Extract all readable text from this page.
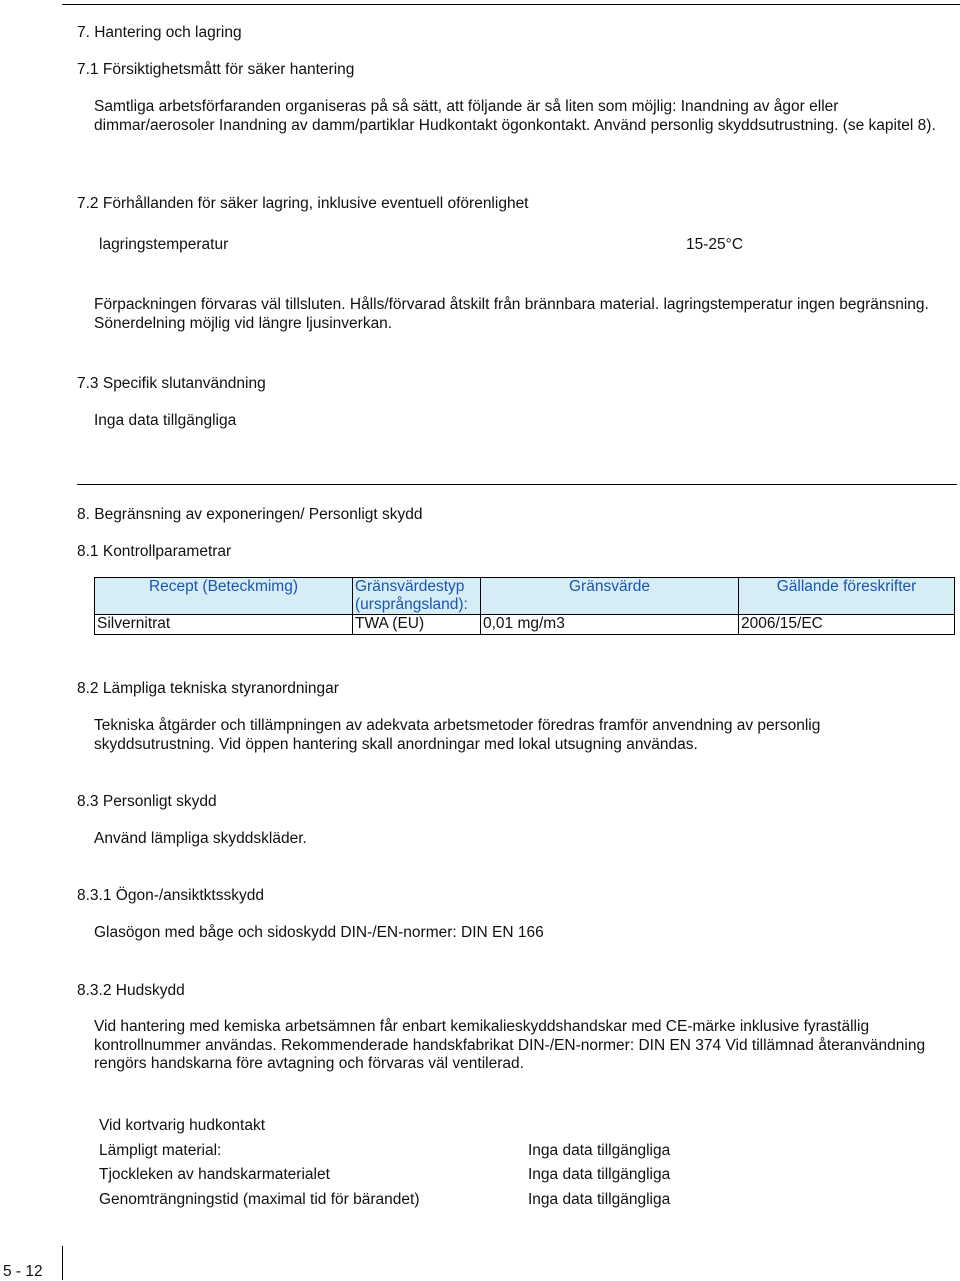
7. Hantering och lagring
7.1 Försiktighetsmått för säker hantering
Samtliga arbetsförfaranden organiseras på så sätt, att följande är så liten som möjlig: Inandning av ågor eller dimmar/aerosoler Inandning av damm/partiklar Hudkontakt ögonkontakt. Använd personlig skyddsutrustning. (se kapitel 8).
7.2 Förhållanden för säker lagring, inklusive eventuell oförenlighet
lagringstemperatur	15-25°C
Förpackningen förvaras väl tillsluten. Hålls/förvarad åtskilt från brännbara material. lagringstemperatur ingen begränsning. Sönerdelning möjlig vid längre ljusinverkan.
7.3 Specifik slutanvändning
Inga data tillgängliga
8. Begränsning av exponeringen/ Personligt skydd
8.1 Kontrollparametrar
Recept (Beteckmimg)	Gränsvärdestyp (ursprångsland):	Gränsvärde	Gällande föreskrifter
Silvernitrat	TWA (EU)	0,01 mg/m3	2006/15/EC
8.2 Lämpliga tekniska styranordningar
Tekniska åtgärder och tillämpningen av adekvata arbetsmetoder föredras framför anvendning av personlig skyddsutrustning. Vid öppen hantering skall anordningar med lokal utsugning användas.
8.3 Personligt skydd
Använd lämpliga skyddskläder.
8.3.1 Ögon-/ansiktktsskydd
Glasögon med båge och sidoskydd DIN-/EN-normer: DIN EN 166
8.3.2 Hudskydd
Vid hantering med kemiska arbetsämnen får enbart kemikalieskyddshandskar med CE-märke inklusive fyraställig kontrollnummer användas. Rekommenderade handskfabrikat DIN-/EN-normer: DIN EN 374 Vid tillämnad återanvändning rengörs handskarna före avtagning och förvaras väl ventilerad.
Vid kortvarig hudkontakt
Lämpligt material:	Inga data tillgängliga
Tjockleken av handskarmaterialet	Inga data tillgängliga
Genomträngningstid (maximal tid för bärandet)	Inga data tillgängliga
5 - 12
